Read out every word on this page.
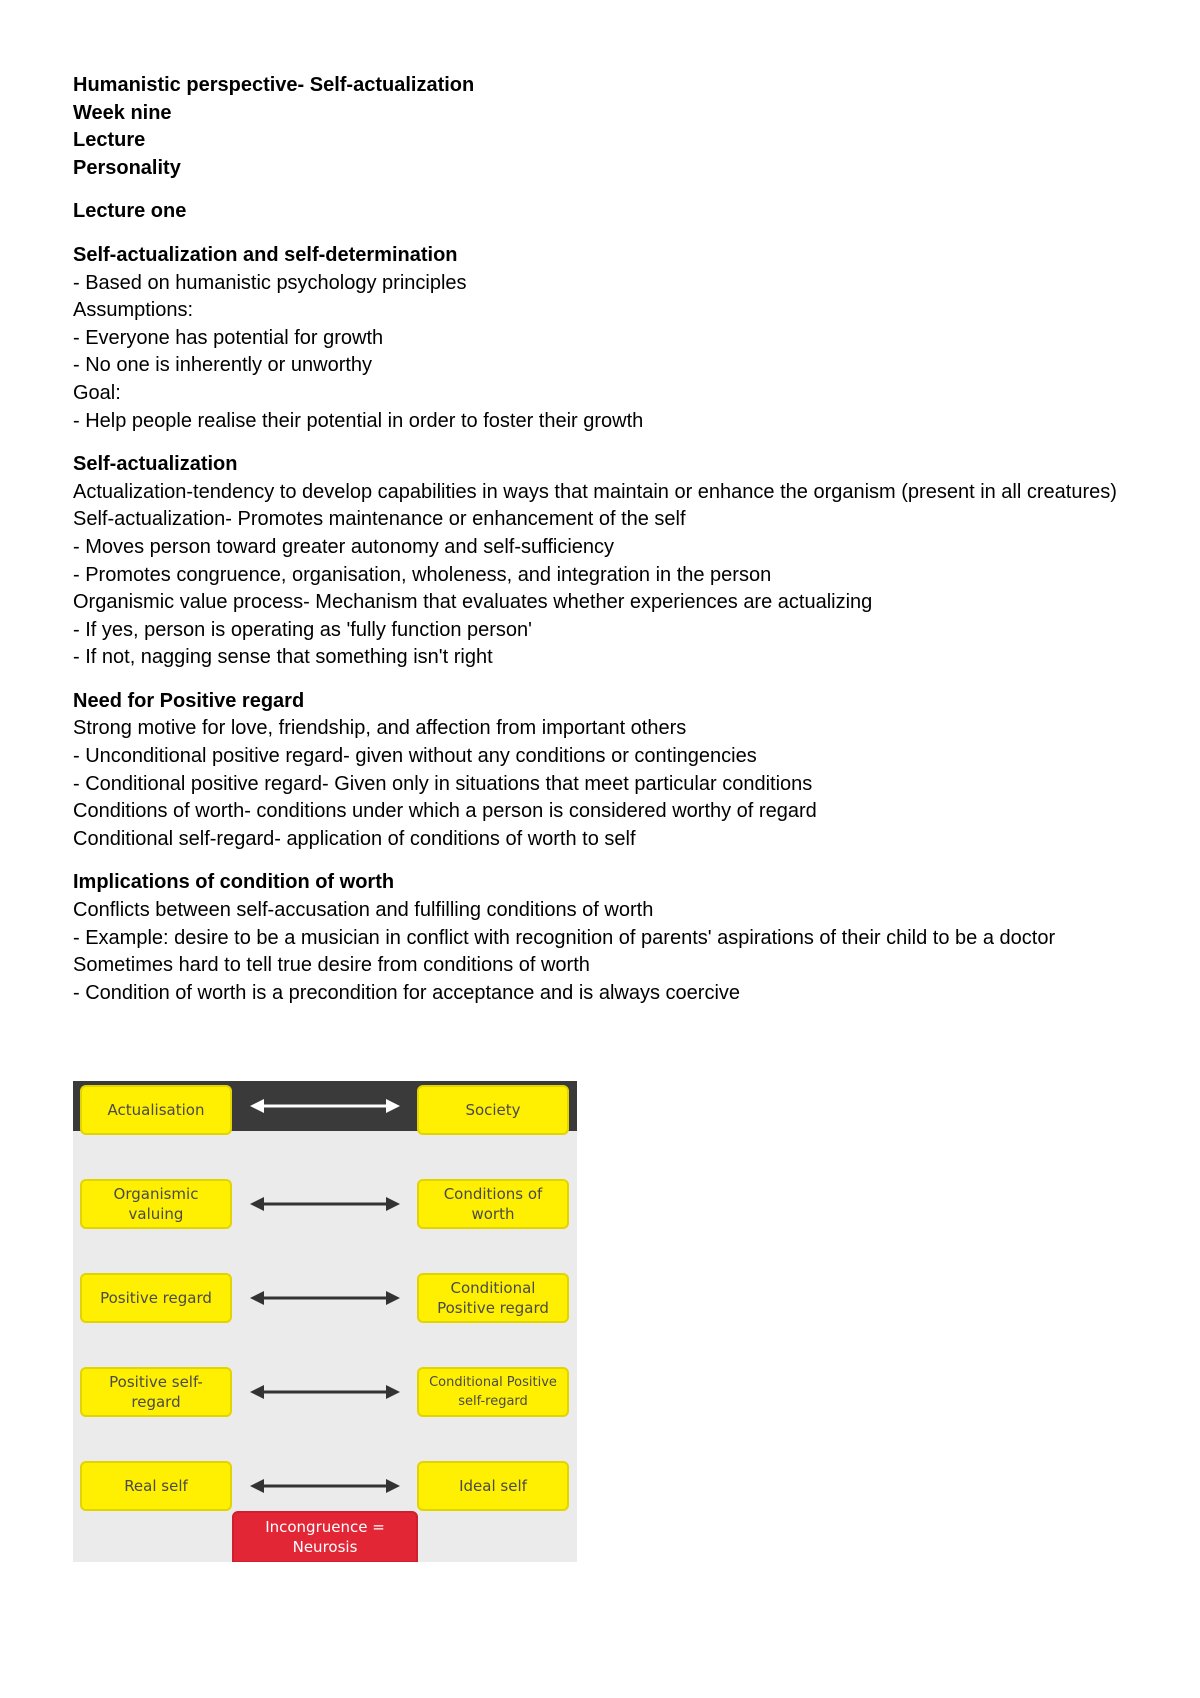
Humanistic perspective- Self-actualization
Week nine
Lecture
Personality
Lecture one
Self-actualization and self-determination
- Based on humanistic psychology principles
Assumptions:
- Everyone has potential for growth
- No one is inherently or unworthy
Goal:
- Help people realise their potential in order to foster their growth
Self-actualization
Actualization-tendency to develop capabilities in ways that maintain or enhance the organism (present in all creatures)
Self-actualization- Promotes maintenance or enhancement of the self
- Moves person toward greater autonomy and self-sufficiency
- Promotes congruence, organisation, wholeness, and integration in the person
Organismic value process- Mechanism that evaluates whether experiences are actualizing
- If yes, person is operating as 'fully function person'
- If not, nagging sense that something isn't right
Need for Positive regard
Strong motive for love, friendship, and affection from important others
- Unconditional positive regard- given without any conditions or contingencies
- Conditional positive regard- Given only in situations that meet particular conditions
Conditions of worth- conditions under which a person is considered worthy of regard
Conditional self-regard- application of conditions of worth to self
Implications of condition of worth
Conflicts between self-accusation and fulfilling conditions of worth
- Example: desire to be a musician in conflict with recognition of parents' aspirations of their child to be a doctor
Sometimes hard to tell true desire from conditions of worth
- Condition of worth is a precondition for acceptance and is always coercive
Actualisation	Society
Organismic valuing
Conditions of worth
Positive regard
Conditional Positive regard
Positive self-regard
Conditional Positive self-regard
Real self	Ideal self
Incongruence = Neurosis
